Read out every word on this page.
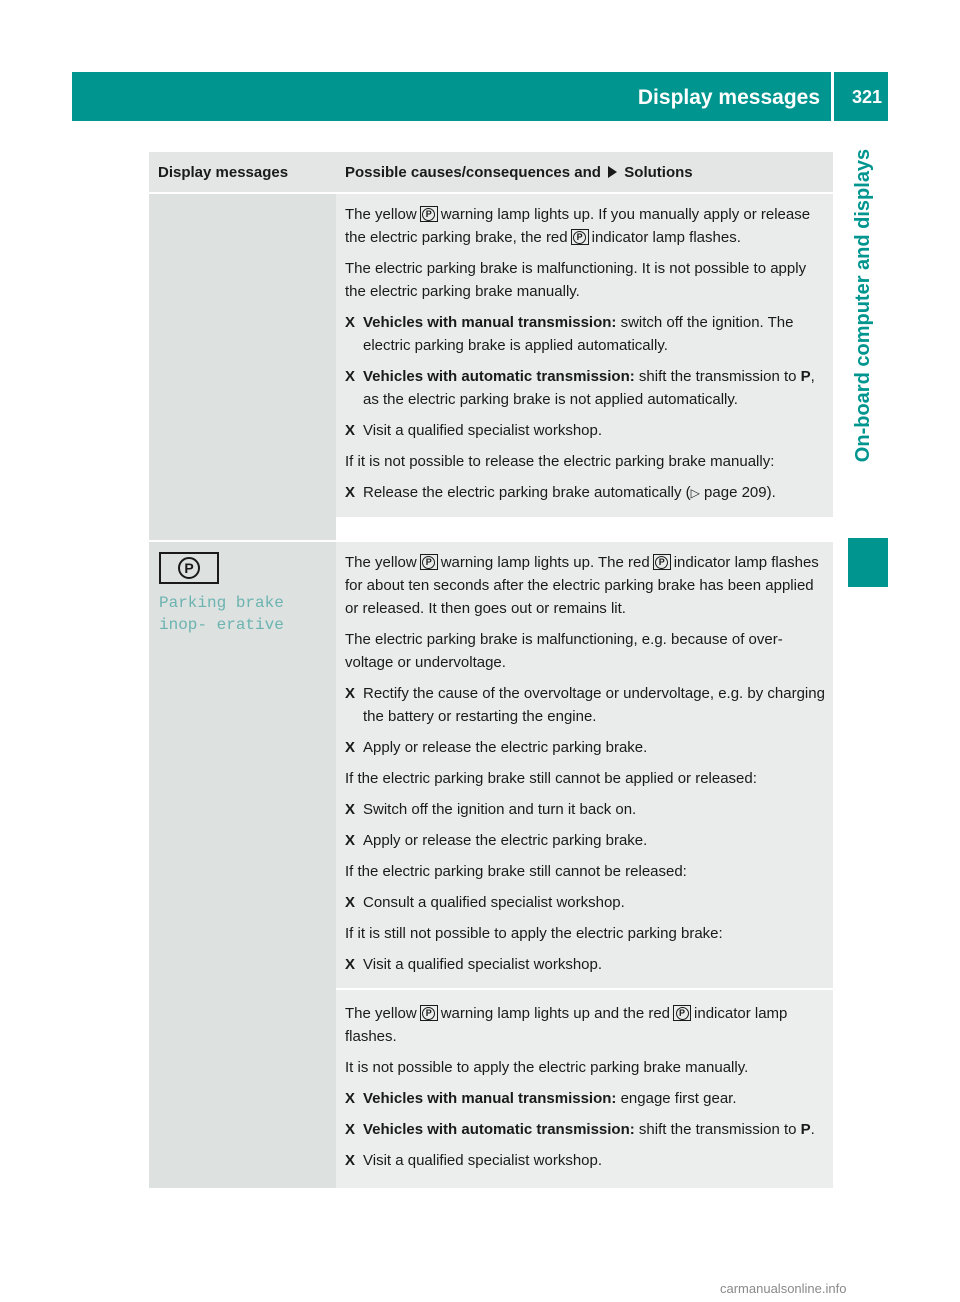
Display messages 321
On-board computer and displays
Display messages	Possible causes/consequences and Solutions

The yellow P warning lamp lights up. If you manually apply or release the electric parking brake, the red P indicator lamp flashes.

The electric parking brake is malfunctioning. It is not possible to apply the electric parking brake manually.

X Vehicles with manual transmission: switch off the ignition. The electric parking brake is applied automatically.
X Vehicles with automatic transmission: shift the transmission to P, as the electric parking brake is not applied automatically.
X Visit a qualified specialist workshop.

If it is not possible to release the electric parking brake manually:

X Release the electric parking brake automatically (▷ page 209).
P
Parking brake inop‐ erative

The yellow P warning lamp lights up. The red P indicator lamp flashes for about ten seconds after the electric parking brake has been applied or released. It then goes out or remains lit.

The electric parking brake is malfunctioning, e.g. because of over‐ voltage or undervoltage.

X Rectify the cause of the overvoltage or undervoltage, e.g. by charging the battery or restarting the engine.
X Apply or release the electric parking brake.

If the electric parking brake still cannot be applied or released:

X Switch off the ignition and turn it back on.
X Apply or release the electric parking brake.

If the electric parking brake still cannot be released:

X Consult a qualified specialist workshop.

If it is still not possible to apply the electric parking brake:

X Visit a qualified specialist workshop.

The yellow P warning lamp lights up and the red P indicator lamp flashes.

It is not possible to apply the electric parking brake manually.

X Vehicles with manual transmission: engage first gear.
X Vehicles with automatic transmission: shift the transmission to P.
X Visit a qualified specialist workshop.
carmanualsonline.info
